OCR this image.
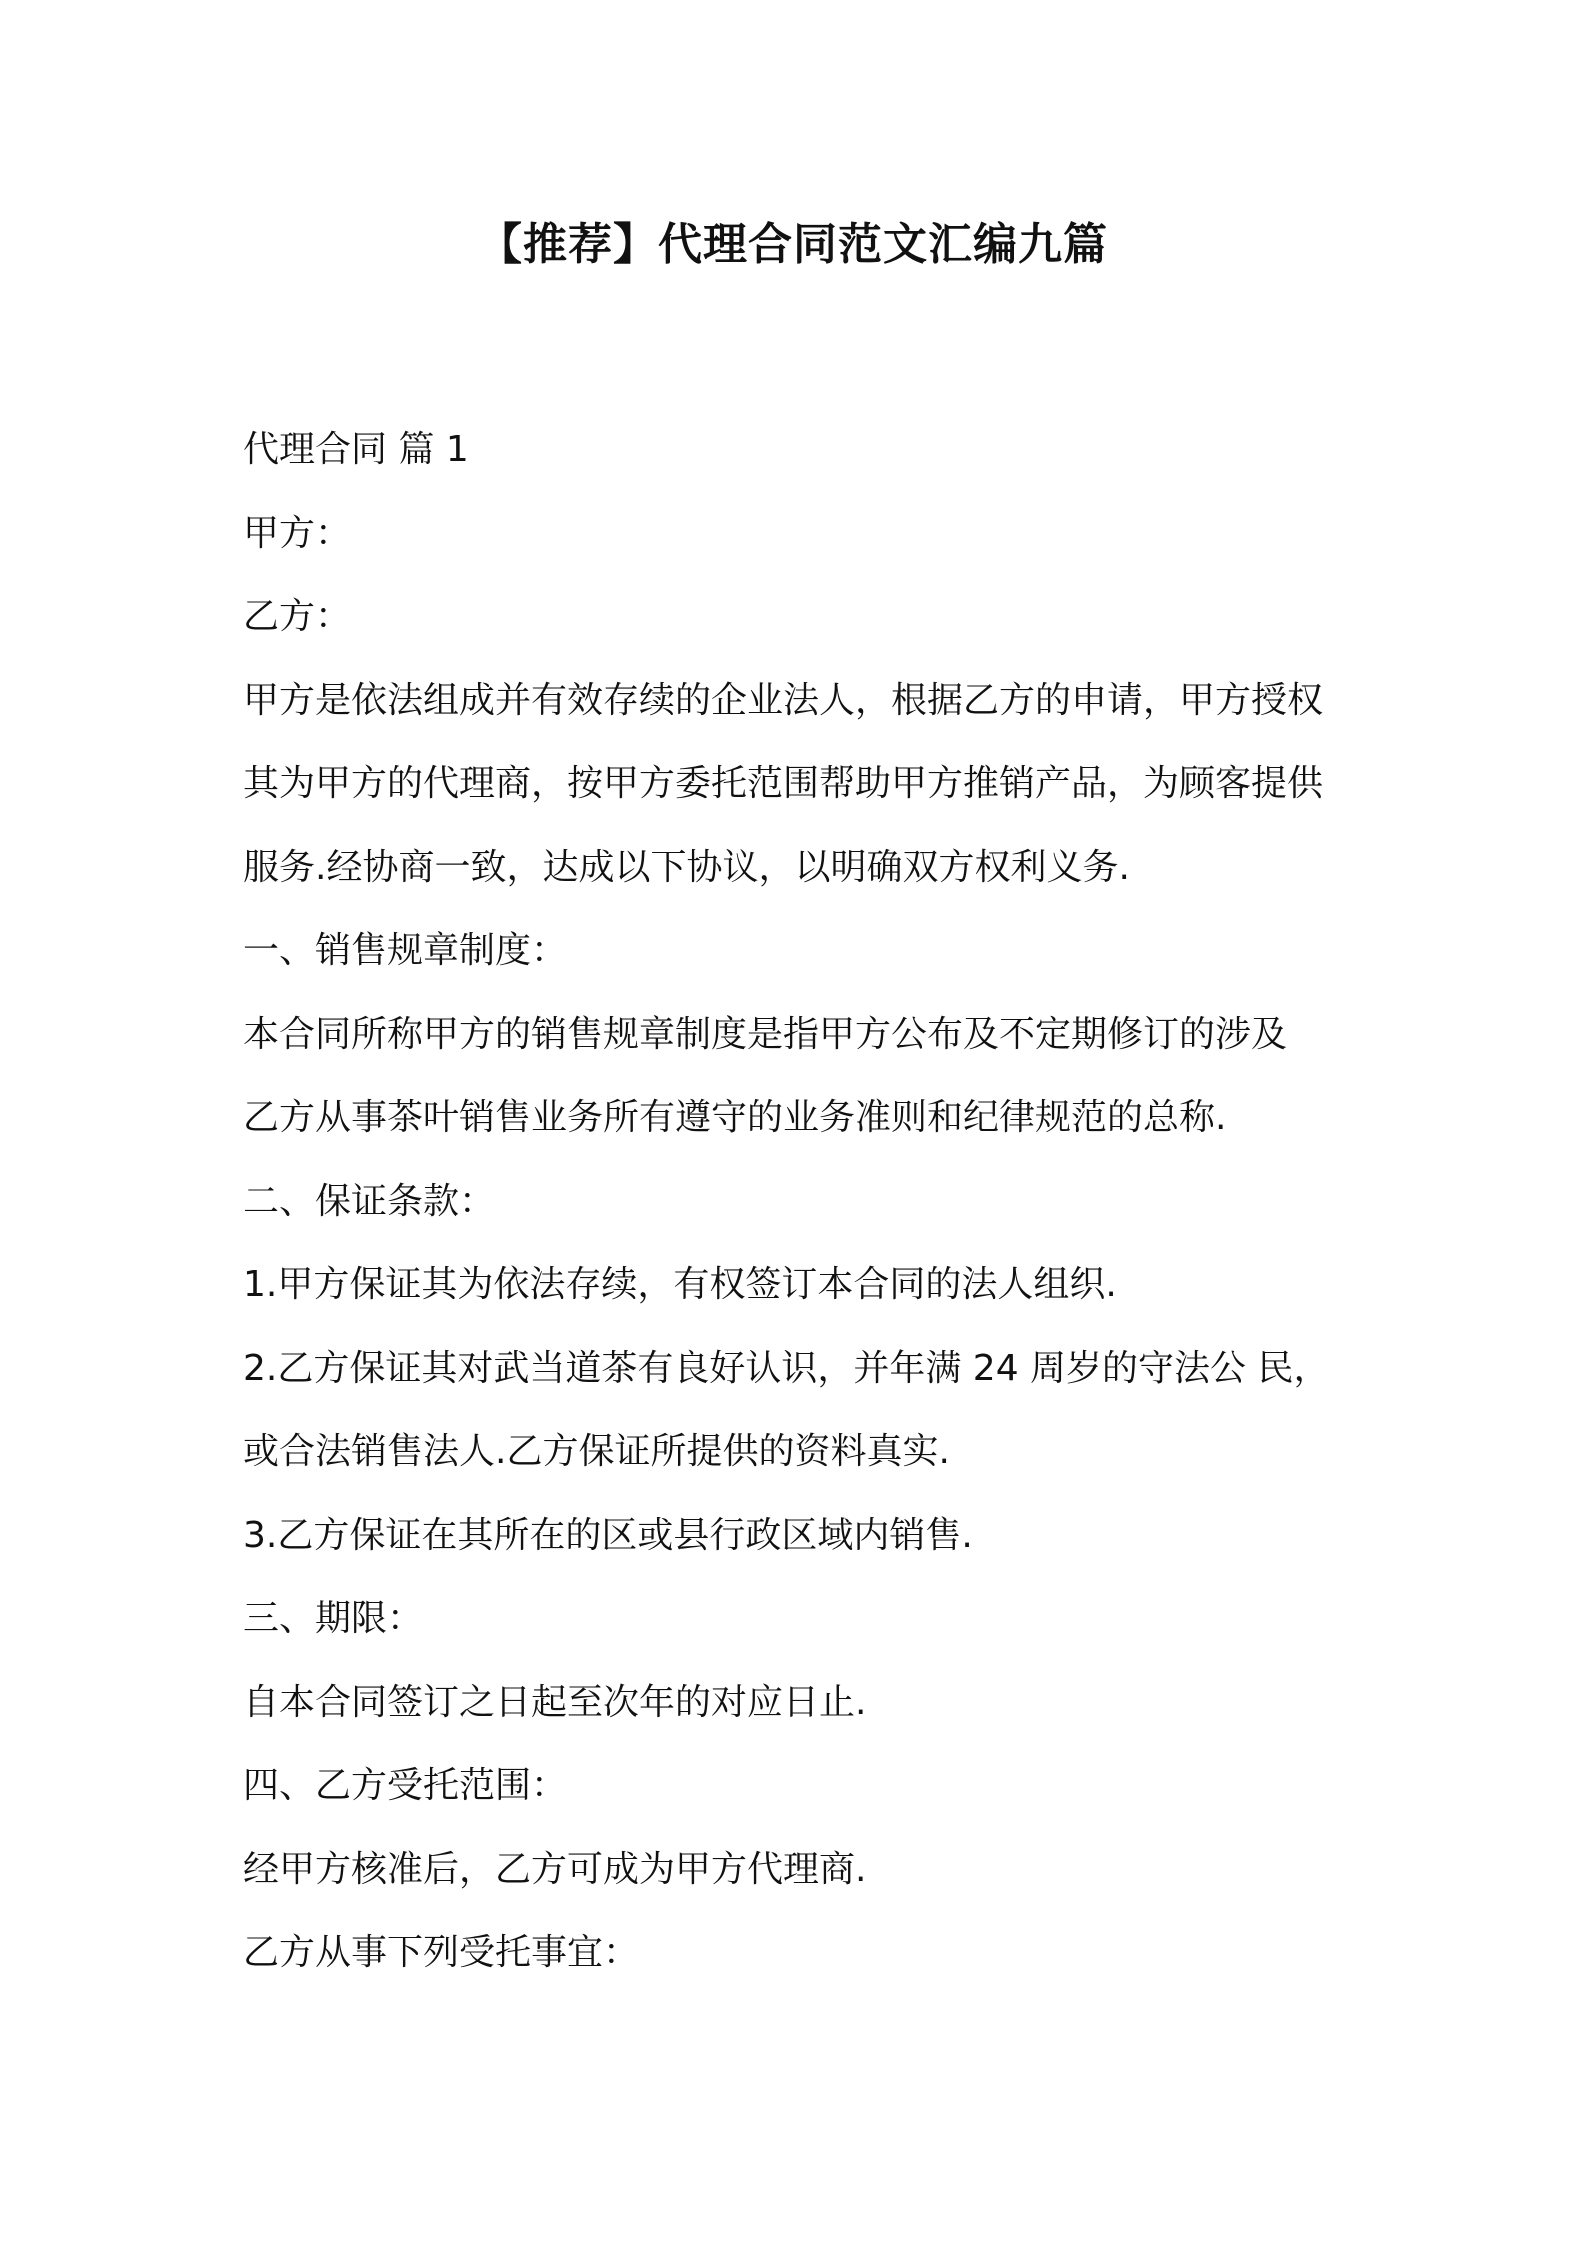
【推荐】代理合同范文汇编九篇

代理合同 篇 1

甲方：

乙方：

甲方是依法组成并有效存续的企业法人，根据乙方的申请，甲方授权

其为甲方的代理商，按甲方委托范围帮助甲方推销产品，为顾客提供

服务.经协商一致，达成以下协议，以明确双方权利义务.

一、销售规章制度：

本合同所称甲方的销售规章制度是指甲方公布及不定期修订的涉及

乙方从事茶叶销售业务所有遵守的业务准则和纪律规范的总称.

二、保证条款：

1.甲方保证其为依法存续，有权签订本合同的法人组织.

2.乙方保证其对武当道茶有良好认识，并年满 24 周岁的守法公 民，

或合法销售法人.乙方保证所提供的资料真实.

3.乙方保证在其所在的区或县行政区域内销售.

三、期限：

自本合同签订之日起至次年的对应日止.

四、乙方受托范围：

经甲方核准后，乙方可成为甲方代理商.

乙方从事下列受托事宜：
